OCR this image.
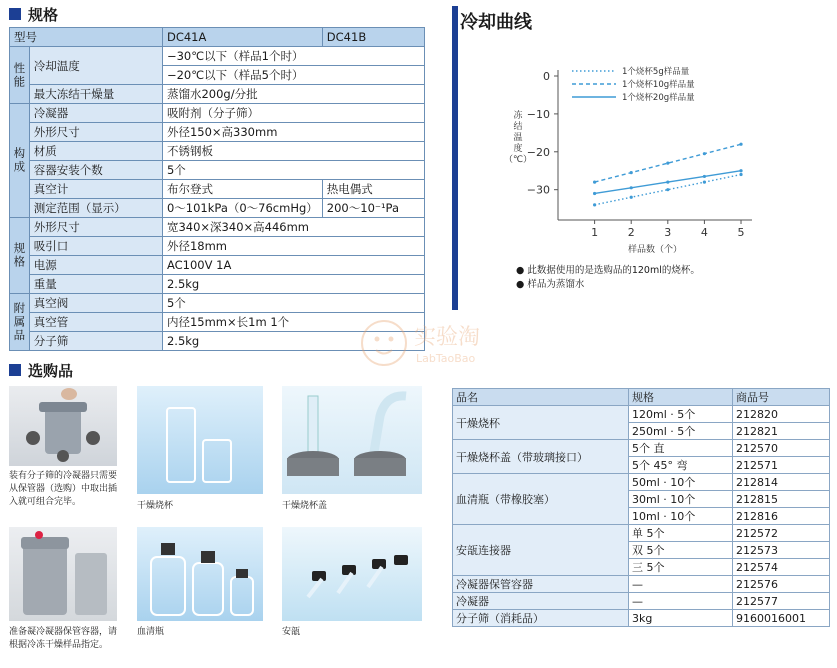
规格
型号		DC41A	DC41B
性能	冷却温度	−30℃以下（样品1个时）	
		−20℃以下（样品5个时）	
	最大冻结干燥量	蒸馏水200g/分批	
构成	冷凝器	吸附剂（分子筛）	
	外形尺寸	外径150×高330mm	
	材质	不锈钢板	
	容器安装个数	5个	
	真空计	布尔登式	热电偶式
	测定范围（显示）	0～101kPa（0～76cmHg）	200～10⁻¹Pa
规格	外形尺寸	宽340×深340×高446mm	
	吸引口	外径18mm	
	电源	AC100V 1A	
	重量	2.5kg	
附属品	真空阀	5个	
	真空管	内径15mm×长1m 1个	
	分子筛	2.5kg	
冷却曲线
0
−10
−20
−30
1	2	3	4	5
样品数（个）
冻
结
温
度
（℃）
1个烧杯5g样品量
1个烧杯10g样品量
1个烧杯20g样品量
● 此数据使用的是选购品的120ml的烧杯。
● 样品为蒸馏水
选购品
装有分子筛的冷凝器只需要从保管器（选购）中取出插入就可组合完毕。	干燥烧杯	干燥烧杯盖
准备凝冷凝器保管容器，请根据冷冻干燥样品指定。
血清瓶	安瓿
实验淘
LabTaoBao
品名	规格	商品号
干燥烧杯	120ml · 5个	212820
	250ml · 5个	212821
干燥烧杯盖（带玻璃接口）	5个 直	212570
	5个 45° 弯	212571
血清瓶（带橡胶塞）	50ml · 10个	212814
	30ml · 10个	212815
	10ml · 10个	212816
安瓿连接器	单 5个	212572
	双 5个	212573
	三 5个	212574
冷凝器保管容器	—	212576
冷凝器	—	212577
分子筛（消耗品）	3kg	9160016001
